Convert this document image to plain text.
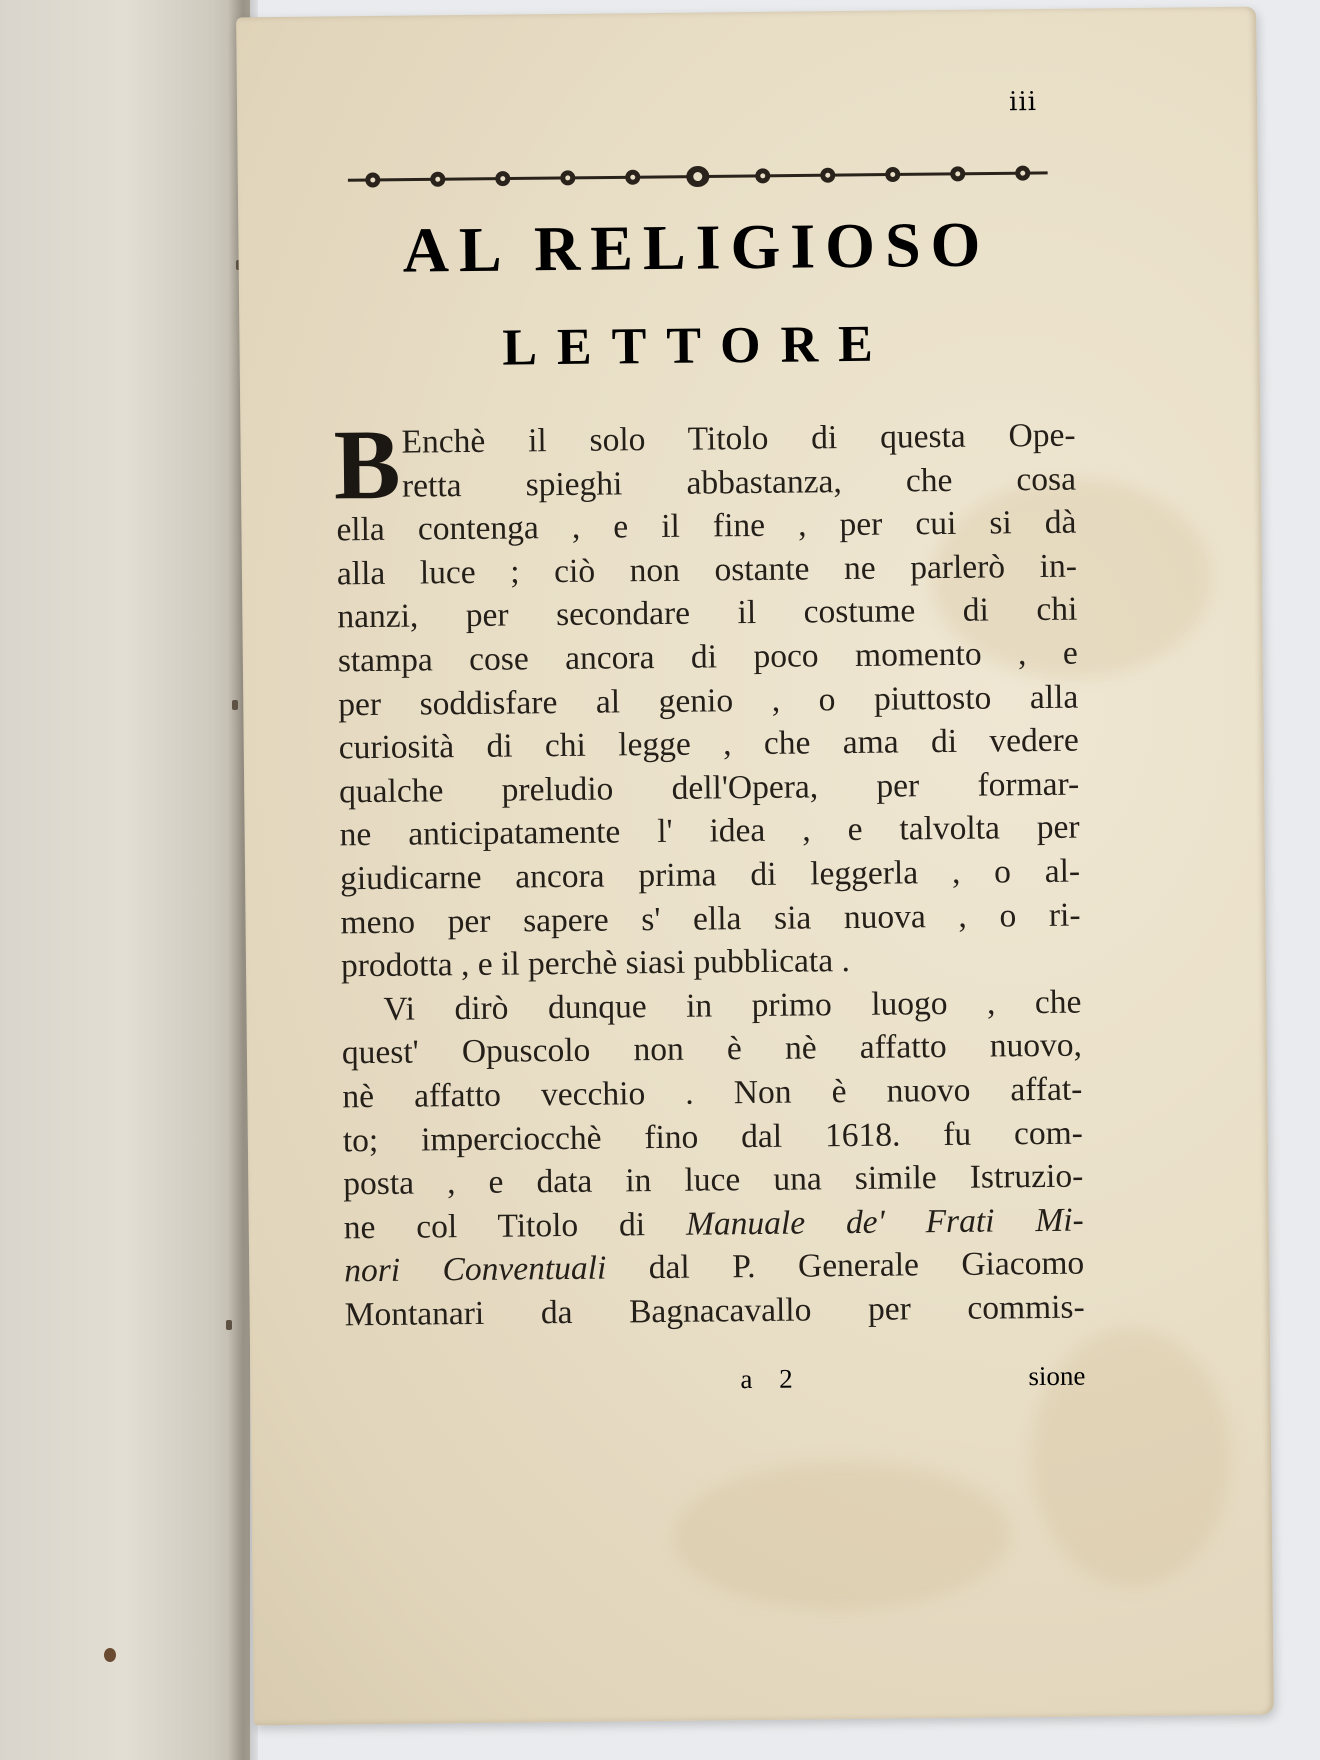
iii
AL RELIGIOSO
LETTORE
B Enchè il solo Titolo di questa Ope-
retta spieghi abbastanza, che cosa
ella contenga , e il fine , per cui si dà
alla luce ; ciò non ostante ne parlerò in-
nanzi, per secondare il costume di chi
stampa cose ancora di poco momento , e
per soddisfare al genio , o piuttosto alla
curiosità di chi legge , che ama di vedere
qualche preludio dell'Opera, per formar-
ne anticipatamente l' idea , e talvolta per
giudicarne ancora prima di leggerla , o al-
meno per sapere s' ella sia nuova , o ri-
prodotta , e il perchè siasi pubblicata .
Vi dirò dunque in primo luogo , che
quest' Opuscolo non è nè affatto nuovo,
nè affatto vecchio . Non è nuovo affat-
to; imperciocchè fino dal 1618. fu com-
posta , e data in luce una simile Istruzio-
ne col Titolo di Manuale de' Frati Mi-
nori Conventuali dal P. Generale Giacomo
Montanari da Bagnacavallo per commis-
a 2	sione
